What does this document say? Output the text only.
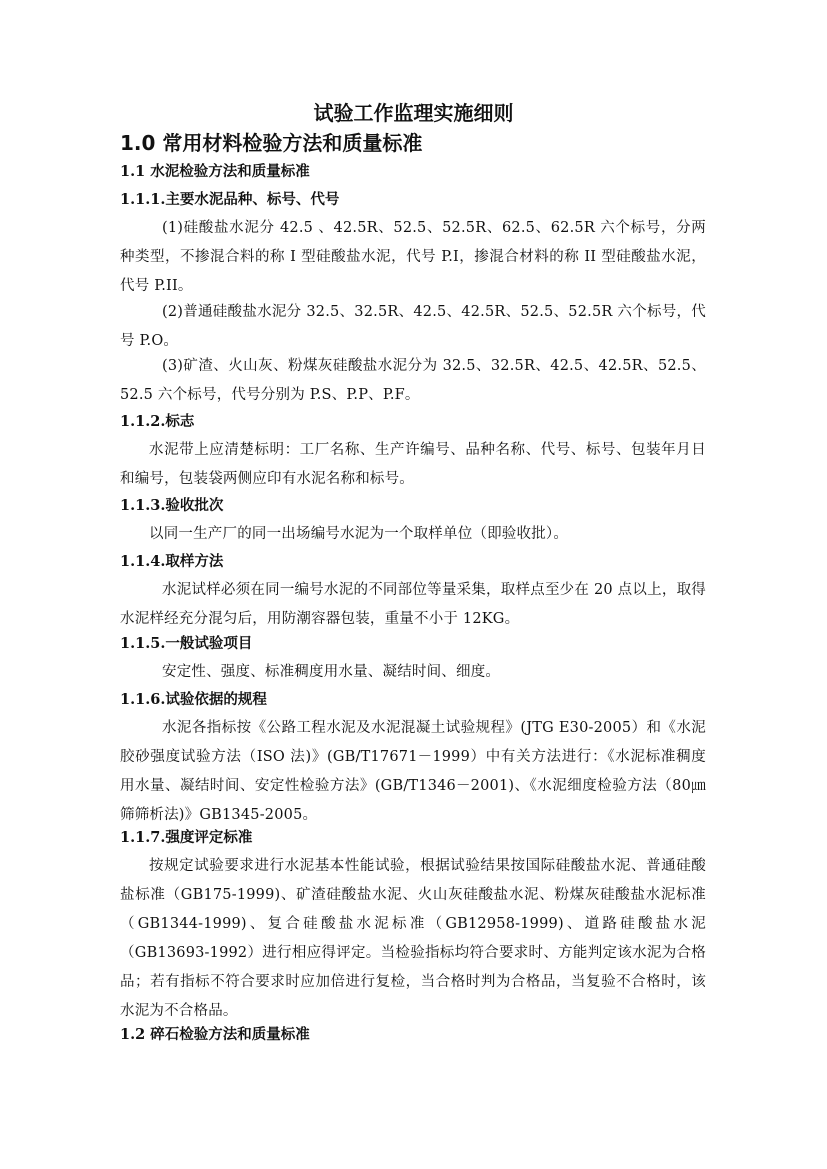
试验工作监理实施细则
1.0 常用材料检验方法和质量标准
1.1 水泥检验方法和质量标准
1.1.1.主要水泥品种、标号、代号
(1)硅酸盐水泥分 42.5 、42.5R、52.5、52.5R、62.5、62.5R 六个标号，分两种类型，不掺混合料的称 I 型硅酸盐水泥，代号 P.I，掺混合材料的称 II 型硅酸盐水泥，代号 P.II。
(2)普通硅酸盐水泥分 32.5、32.5R、42.5、42.5R、52.5、52.5R 六个标号，代号 P.O。
(3)矿渣、火山灰、粉煤灰硅酸盐水泥分为 32.5、32.5R、42.5、42.5R、52.5、52.5 六个标号，代号分别为 P.S、P.P、P.F。
1.1.2.标志
水泥带上应清楚标明：工厂名称、生产许编号、品种名称、代号、标号、包装年月日和编号，包装袋两侧应印有水泥名称和标号。
1.1.3.验收批次
以同一生产厂的同一出场编号水泥为一个取样单位（即验收批）。
1.1.4.取样方法
水泥试样必须在同一编号水泥的不同部位等量采集，取样点至少在 20 点以上，取得水泥样经充分混匀后，用防潮容器包装，重量不小于 12KG。
1.1.5.一般试验项目
安定性、强度、标准稠度用水量、凝结时间、细度。
1.1.6.试验依据的规程
水泥各指标按《公路工程水泥及水泥混凝土试验规程》(JTG E30-2005）和《水泥胶砂强度试验方法（ISO 法)》(GB/T17671－1999）中有关方法进行：《水泥标准稠度用水量、凝结时间、安定性检验方法》(GB/T1346－2001)、《水泥细度检验方法（80㎛筛筛析法)》GB1345-2005。
1.1.7.强度评定标准
按规定试验要求进行水泥基本性能试验，根据试验结果按国际硅酸盐水泥、普通硅酸盐标准（GB175-1999)、矿渣硅酸盐水泥、火山灰硅酸盐水泥、粉煤灰硅酸盐水泥标准（GB1344-1999)、复合硅酸盐水泥标准（GB12958-1999)、道路硅酸盐水泥（GB13693-1992）进行相应得评定。当检验指标均符合要求时、方能判定该水泥为合格品；若有指标不符合要求时应加倍进行复检，当合格时判为合格品，当复验不合格时，该水泥为不合格品。
1.2 碎石检验方法和质量标准
